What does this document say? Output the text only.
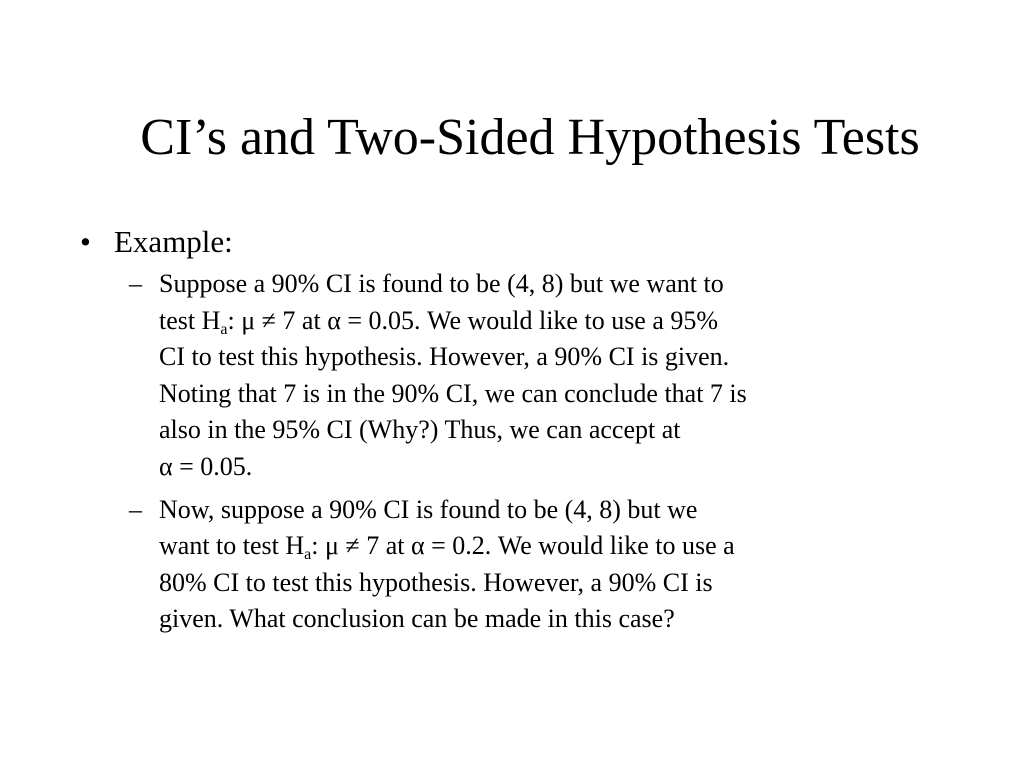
CI’s and Two-Sided Hypothesis Tests
• Example:
– Suppose a 90% CI is found to be (4, 8) but we want to
test $H_a$: μ ≠ 7 at α = 0.05. We would like to use a 95%
CI to test this hypothesis. However, a 90% CI is given.
Noting that 7 is in the 90% CI, we can conclude that 7 is
also in the 95% CI (Why?) Thus, we can accept at
α = 0.05.
– Now, suppose a 90% CI is found to be (4, 8) but we
want to test $H_a$: μ ≠ 7 at α = 0.2. We would like to use a
80% CI to test this hypothesis. However, a 90% CI is
given. What conclusion can be made in this case?
